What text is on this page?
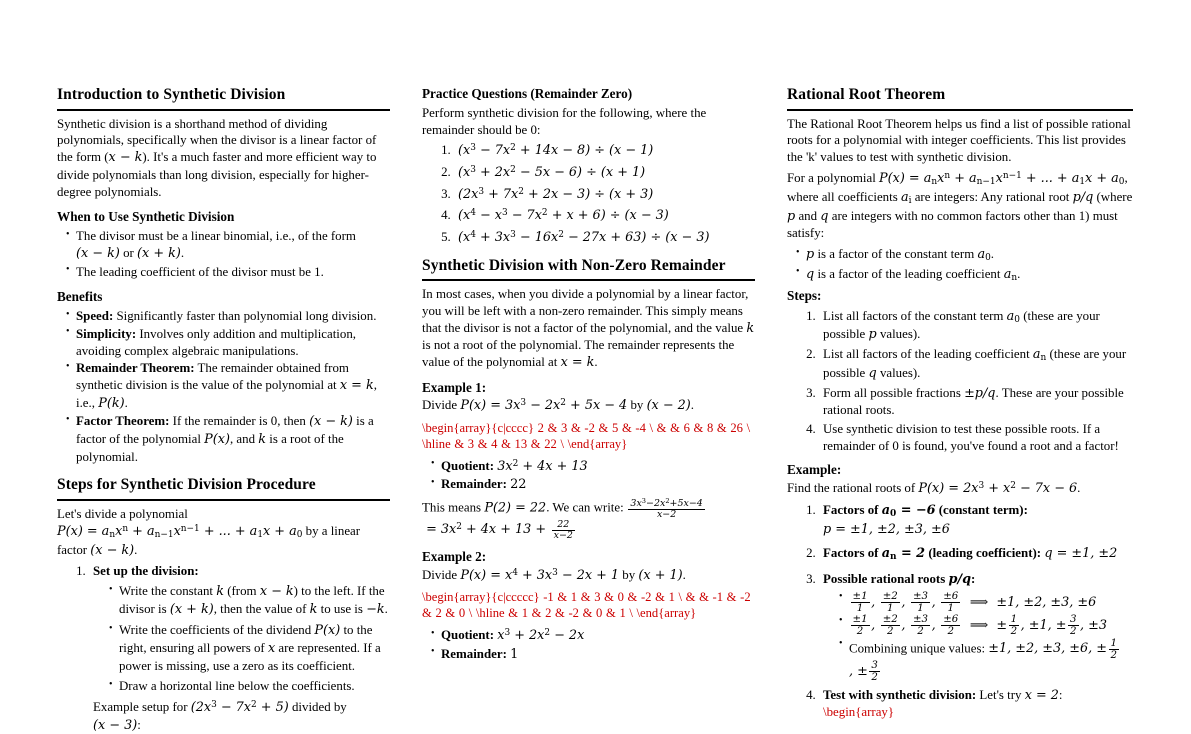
Introduction to Synthetic Division

Synthetic division is a shorthand method of dividing polynomials, specifically when the divisor is a linear factor of the form (x − k). It's a much faster and more efficient way to divide polynomials than long division, especially for higher-degree polynomials.

When to Use Synthetic Division
• The divisor must be a linear binomial, i.e., of the form (x − k) or (x + k).
• The leading coefficient of the divisor must be 1.
Benefits
• Speed: Significantly faster than polynomial long division.
• Simplicity: Involves only addition and multiplication, avoiding complex algebraic manipulations.
• Remainder Theorem: The remainder obtained from synthetic division is the value of the polynomial at x = k, i.e., P(k).
• Factor Theorem: If the remainder is 0, then (x − k) is a factor of the polynomial P(x), and k is a root of the polynomial.
Steps for Synthetic Division Procedure

Let's divide a polynomial $P(x) = a_nx^n + a_{n-1}x^{n-1}$ + ... + $a_1x + a_0$ by a linear factor (x − k).

1. Set up the division:
• Write the constant k (from x − k) to the left. If the divisor is (x + k), then the value of k to use is −k.
• Write the coefficients of the dividend P(x) to the right, ensuring all powers of x are represented. If a power is missing, use a zero as its coefficient.
• Draw a horizontal line below the coefficients.
Example setup for $(2x^3 - 7x^2 + 5)$ divided by (x − 3):
Practice Questions (Remainder Zero)

Perform synthetic division for the following, where the remainder should be 0:

1. $(x^3 - 7x^2 + 14x - 8) \div (x - 1)$
2. $(x^3 + 2x^2 - 5x - 6) \div (x + 1)$
3. $(2x^3 + 7x^2 + 2x - 3) \div (x + 3)$
4. $(x^4 - x^3 - 7x^2 + x + 6) \div (x - 3)$
5. $(x^4 + 3x^3 - 16x^2 - 27x + 63) \div (x - 3)$
Synthetic Division with Non-Zero Remainder

In most cases, when you divide a polynomial by a linear factor, you will be left with a non-zero remainder. This simply means that the divisor is not a factor of the polynomial, and the value k is not a root of the polynomial. The remainder represents the value of the polynomial at x = k.

Example 1:

Divide $P(x) = 3x^3 - 2x^2 + 5x - 4$ by (x − 2).

\begin{array}{c|cccc} 2 & 3 & -2 & 5 & -4 \ & & 6 & 8 & 26 \ \hline & 3 & 4 & 13 & 22 \ \end{array}

• Quotient: $3x^2 + 4x + 13$
• Remainder: 22

This means P(2) = 22. We can write: $\frac{3x^3-2x^2+5x-4}{x-2}$
= $3x^2 + 4x + 13 + \frac{22}{x-2}$

Example 2:

Divide $P(x) = x^4 + 3x^3 - 2x + 1$ by (x + 1).

\begin{array}{c|ccccc} -1 & 1 & 3 & 0 & -2 & 1 \ & & -1 & -2 & 2 & 0 \ \hline & 1 & 2 & -2 & 0 & 1 \ \end{array}

• Quotient: $x^3 + 2x^2 - 2x$
• Remainder: 1
Rational Root Theorem

The Rational Root Theorem helps us find a list of possible rational roots for a polynomial with integer coefficients. This list provides the 'k' values to test with synthetic division.

For a polynomial $P(x) = a_nx^n + a_{n-1}x^{n-1}$ + ... + $a_1x + a_0$, where all coefficients $a_i$ are integers: Any rational root p/q (where p and q are integers with no common factors other than 1) must satisfy:

• p is a factor of the constant term $a_0$.
• q is a factor of the leading coefficient $a_n$.
Steps:
1. List all factors of the constant term $a_0$ (these are your possible p values).
2. List all factors of the leading coefficient $a_n$ (these are your possible q values).
3. Form all possible fractions ±p/q. These are your possible rational roots.
4. Use synthetic division to test these possible roots. If a remainder of 0 is found, you've found a root and a factor!
Example:

Find the rational roots of $P(x) = 2x^3 + x^2 - 7x - 6$.

1. Factors of $a_0 = -6$ (constant term): p = ±1, ±2, ±3, ±6
2. Factors of $a_n = 2$ (leading coefficient): q = ±1, ±2
3. Possible rational roots p/q:
• $\frac{\pm 1}{1}$ , $\frac{\pm 2}{1}$ , $\frac{\pm 3}{1}$ , $\frac{\pm 6}{1}$ ⟹  ±1, ±2, ±3, ±6
• $\frac{\pm 1}{2}$ , $\frac{\pm 2}{2}$ , $\frac{\pm 3}{2}$ , $\frac{\pm 6}{2}$ ⟹  ± $\frac{1}{2}$ , ±1, ± $\frac{3}{2}$ , ±3
• Combining unique values: ±1, ±2, ±3, ±6, ± $\frac{1}{2}$
, ± $\frac{3}{2}$
4. Test with synthetic division: Let's try x = 2: \begin{array}
